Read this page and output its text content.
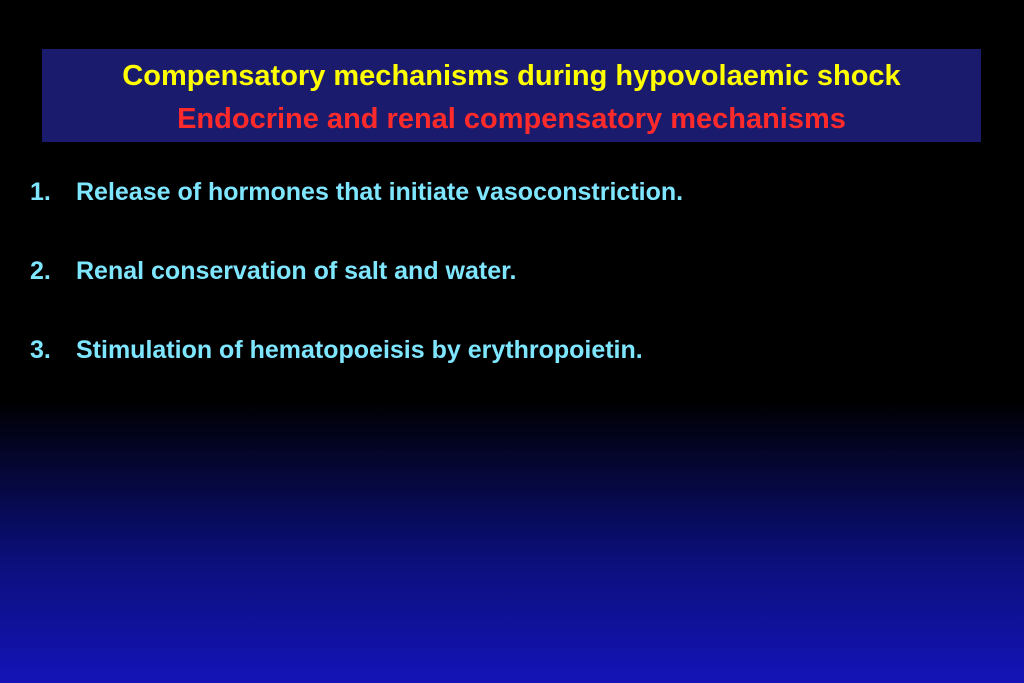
Compensatory mechanisms during hypovolaemic shock
Endocrine and renal compensatory mechanisms
1. Release of hormones that initiate vasoconstriction.
2. Renal conservation of salt and water.
3. Stimulation of hematopoeisis by erythropoietin.
